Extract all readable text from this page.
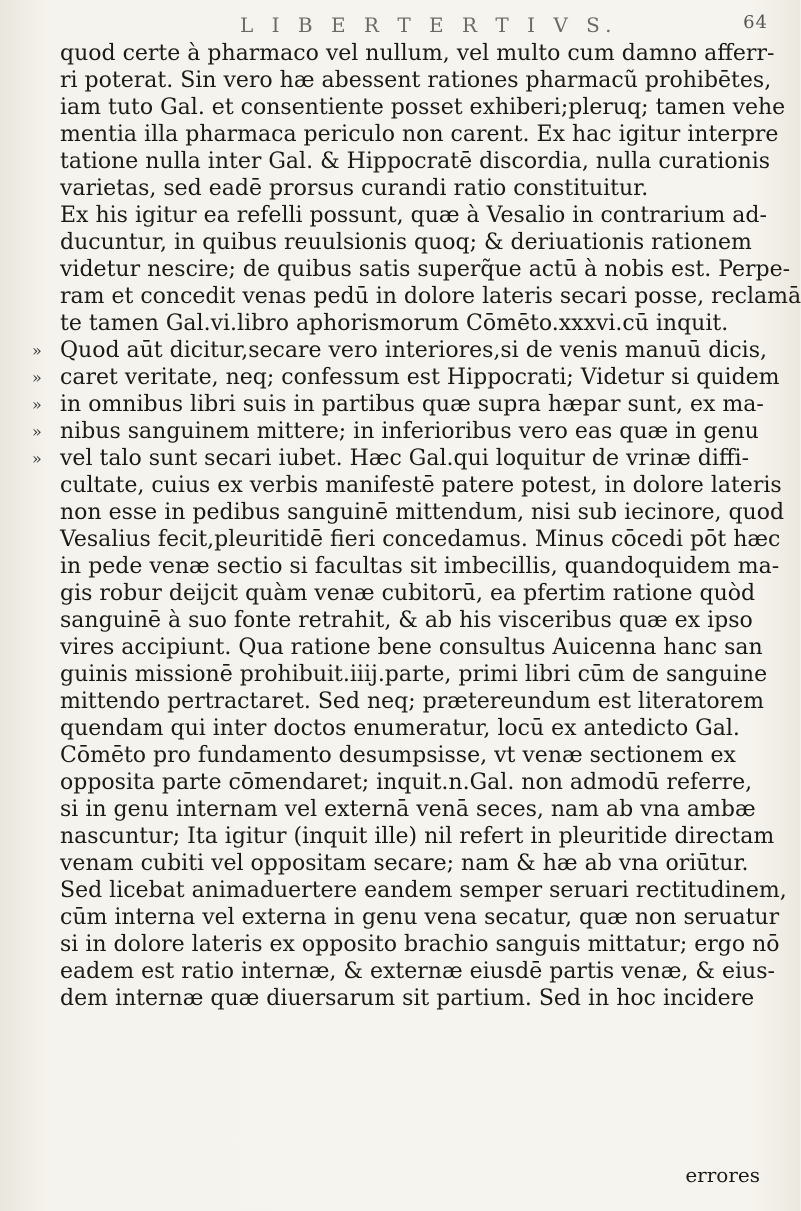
L I B E R T E R T I V S.	64
quod certe à pharmaco vel nullum, vel multo cum damno afferr-
ri poterat. Sin vero hæ abessent rationes pharmacũ prohibētes,
iam tuto Gal. et consentiente posset exhiberi;pleruq; tamen vehe
mentia illa pharmaca periculo non carent. Ex hac igitur interpre
tatione nulla inter Gal. & Hippocratē discordia, nulla curationis
varietas, sed eadē prorsus curandi ratio constituitur.
Ex his igitur ea refelli possunt, quæ à Vesalio in contrarium ad-
ducuntur, in quibus reuulsionis quoq; & deriuationis rationem
videtur nescire; de quibus satis superq̃ue actū à nobis est. Perpe-
ram et concedit venas pedū in dolore lateris secari posse, reclamā
te tamen Gal.vi.libro aphorismorum Cōmēto.xxxvi.cū inquit.
» Quod aūt dicitur,secare vero interiores,si de venis manuū dicis,
» caret veritate, neq; confessum est Hippocrati; Videtur si quidem
» in omnibus libri suis in partibus quæ supra hæpar sunt, ex ma-
» nibus sanguinem mittere; in inferioribus vero eas quæ in genu
» vel talo sunt secari iubet. Hæc Gal.qui loquitur de vrinæ diffi-
cultate, cuius ex verbis manifestē patere potest, in dolore lateris
non esse in pedibus sanguinē mittendum, nisi sub iecinore, quod
Vesalius fecit,pleuritidē fieri concedamus. Minus cōcedi pōt hæc
in pede venæ sectio si facultas sit imbecillis, quandoquidem ma-
gis robur deijcit quàm venæ cubitorū, ea pfertim ratione quòd
sanguinē à suo fonte retrahit, & ab his visceribus quæ ex ipso
vires accipiunt. Qua ratione bene consultus Auicenna hanc san
guinis missionē prohibuit.iiij.parte, primi libri cūm de sanguine
mittendo pertractaret. Sed neq; prætereundum est literatorem
quendam qui inter doctos enumeratur, locū ex antedicto Gal.
Cōmēto pro fundamento desumpsisse, vt venæ sectionem ex
opposita parte cōmendaret; inquit.n.Gal. non admodū referre,
si in genu internam vel externā venā seces, nam ab vna ambæ
nascuntur; Ita igitur (inquit ille) nil refert in pleuritide directam
venam cubiti vel oppositam secare; nam & hæ ab vna oriūtur.
Sed licebat animaduertere eandem semper seruari rectitudinem,
cūm interna vel externa in genu vena secatur, quæ non seruatur
si in dolore lateris ex opposito brachio sanguis mittatur; ergo nō
eadem est ratio internæ, & externæ eiusdē partis venæ, & eius-
dem internæ quæ diuersarum sit partium. Sed in hoc incidere
errores
